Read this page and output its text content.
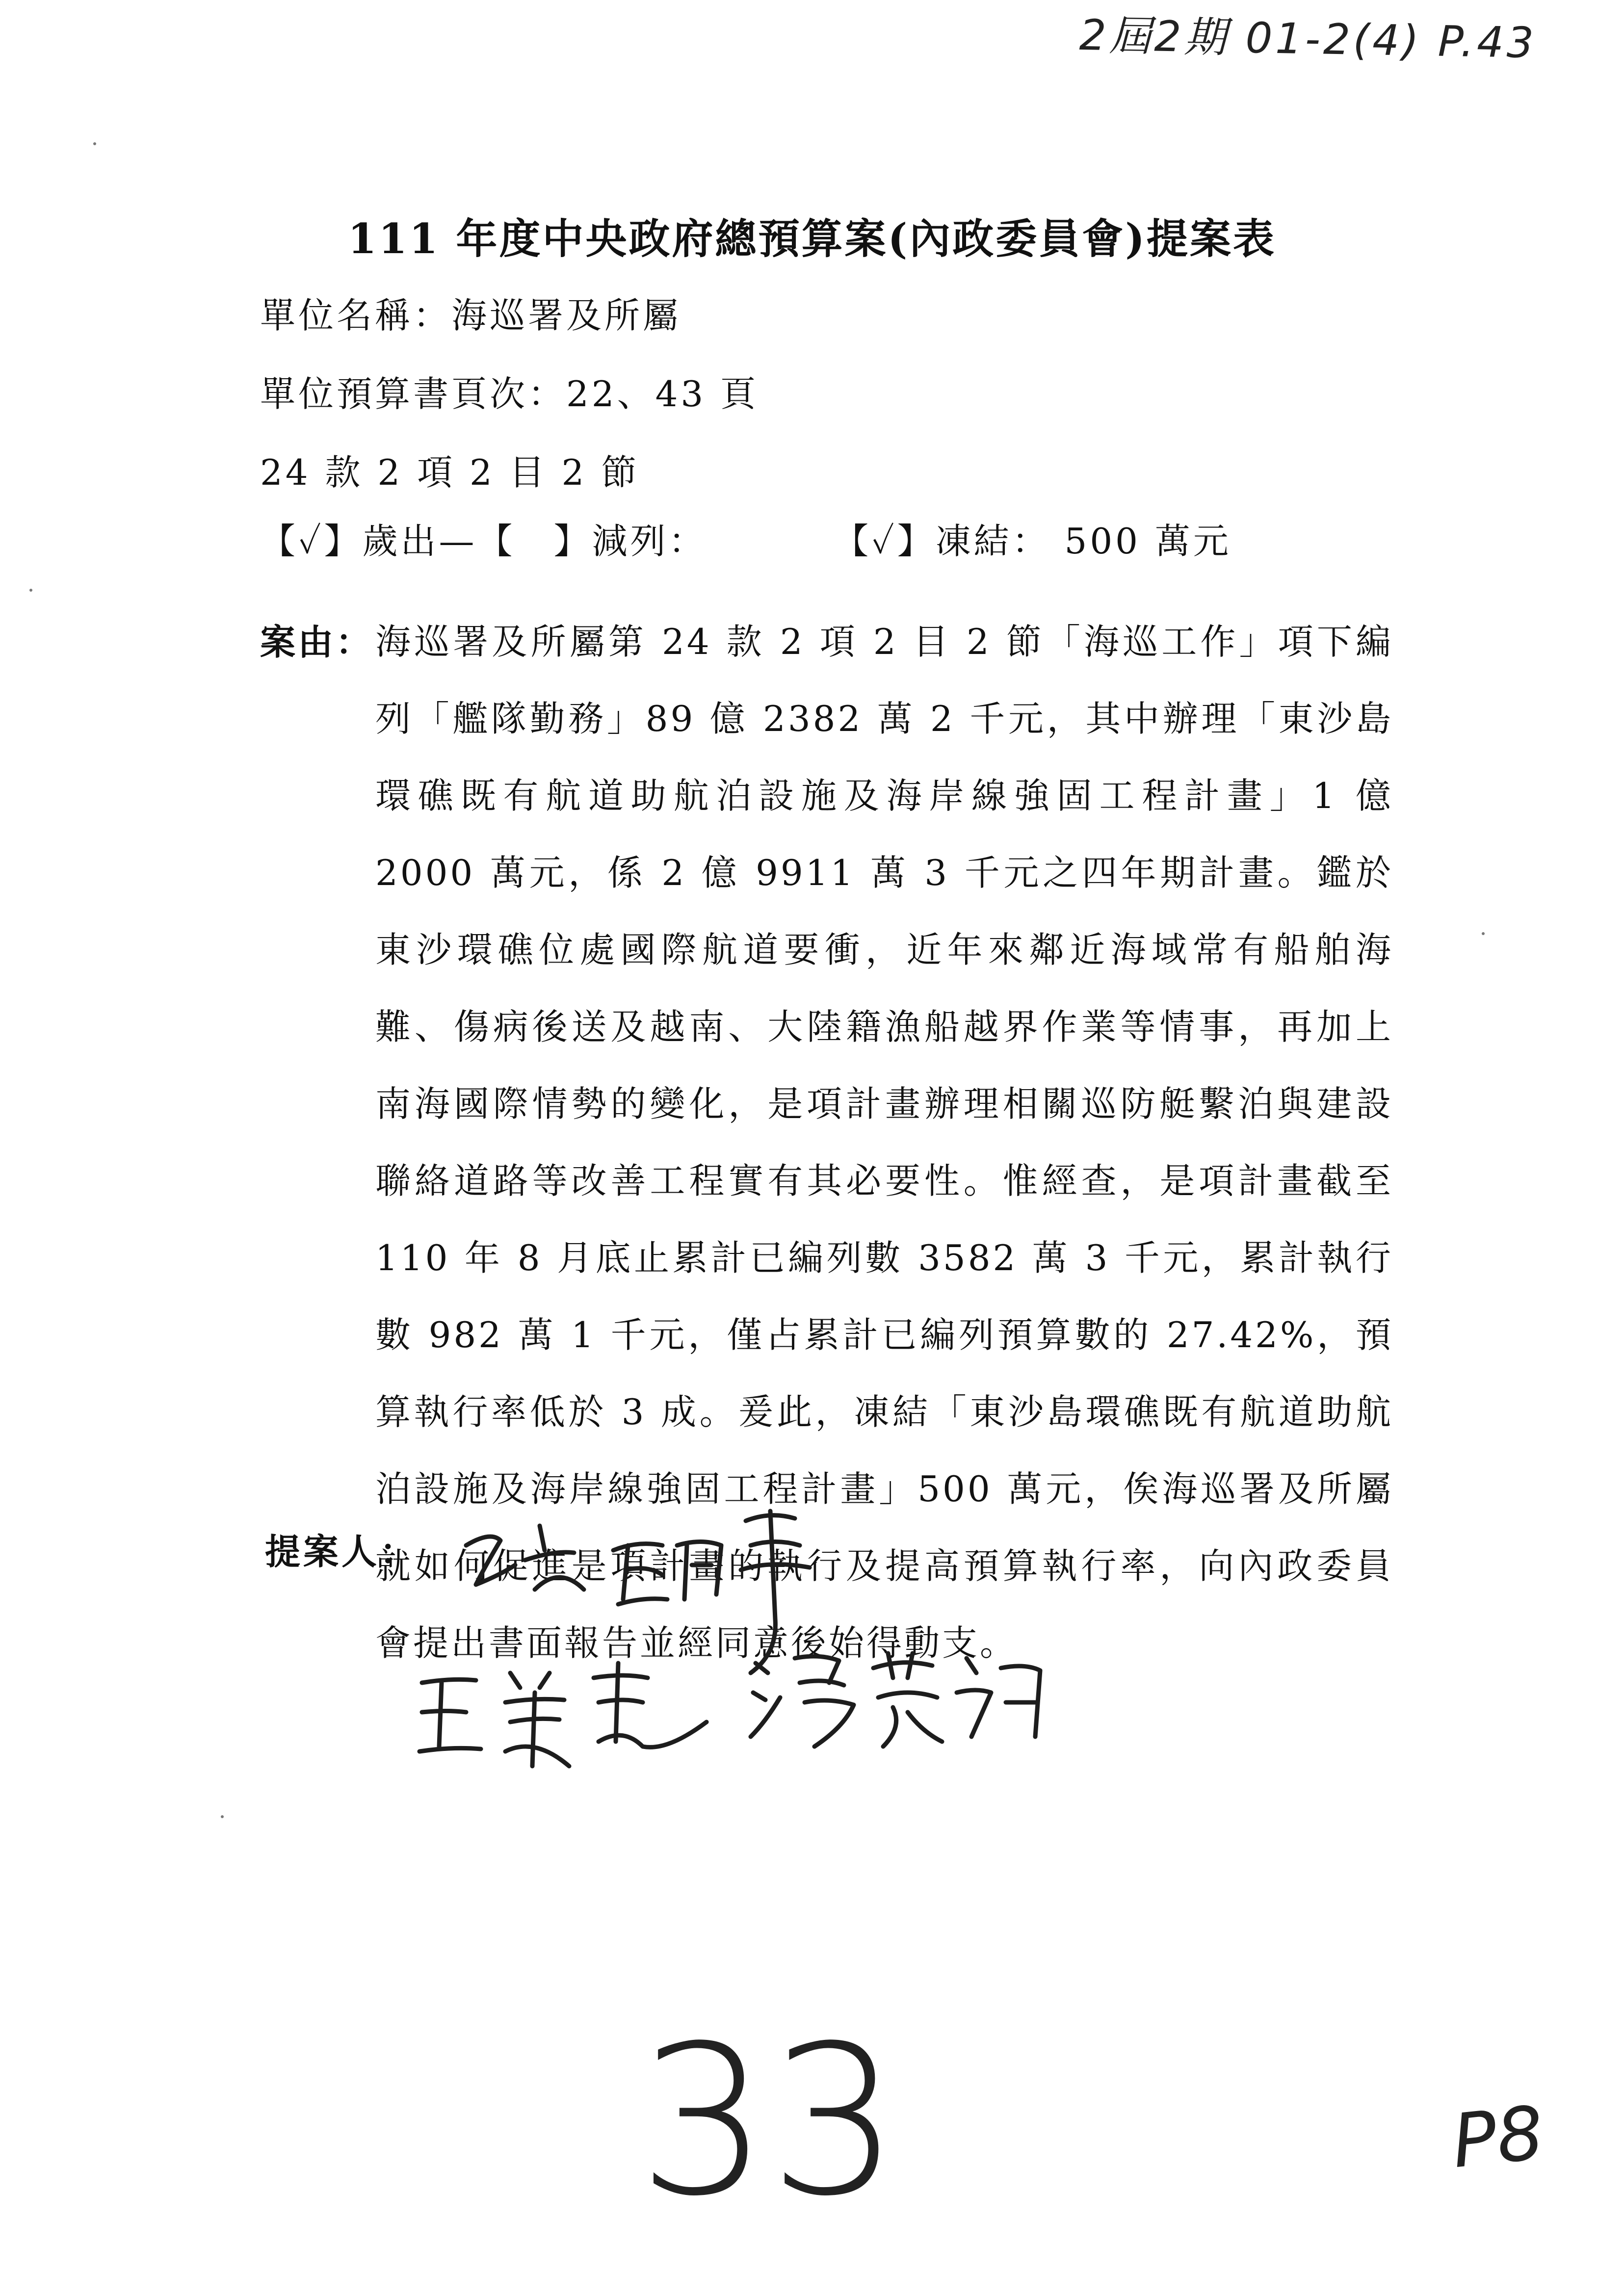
2屆2期 01-2(4) P.43
111 年度中央政府總預算案(內政委員會)提案表
單位名稱：海巡署及所屬
單位預算書頁次：22、43 頁
24 款 2 項 2 目 2 節
【✓】歲出—【　】減列：	【✓】凍結： 500 萬元
案由： 海巡署及所屬第 24 款 2 項 2 目 2 節「海巡工作」項下編列「艦隊勤務」89 億 2382 萬 2 千元，其中辦理「東沙島環礁既有航道助航泊設施及海岸線強固工程計畫」1 億 2000 萬元，係 2 億 9911 萬 3 千元之四年期計畫。鑑於東沙環礁位處國際航道要衝，近年來鄰近海域常有船舶海難、傷病後送及越南、大陸籍漁船越界作業等情事，再加上南海國際情勢的變化，是項計畫辦理相關巡防艇繫泊與建設聯絡道路等改善工程實有其必要性。惟經查，是項計畫截至 110 年 8 月底止累計已編列數 3582 萬 3 千元，累計執行數 982 萬 1 千元，僅占累計已編列預算數的 27.42%，預算執行率低於 3 成。爰此，凍結「東沙島環礁既有航道助航泊設施及海岸線強固工程計畫」500 萬元，俟海巡署及所屬就如何促進是項計畫的執行及提高預算執行率，向內政委員會提出書面報告並經同意後始得動支。
提案人：
33	P8
